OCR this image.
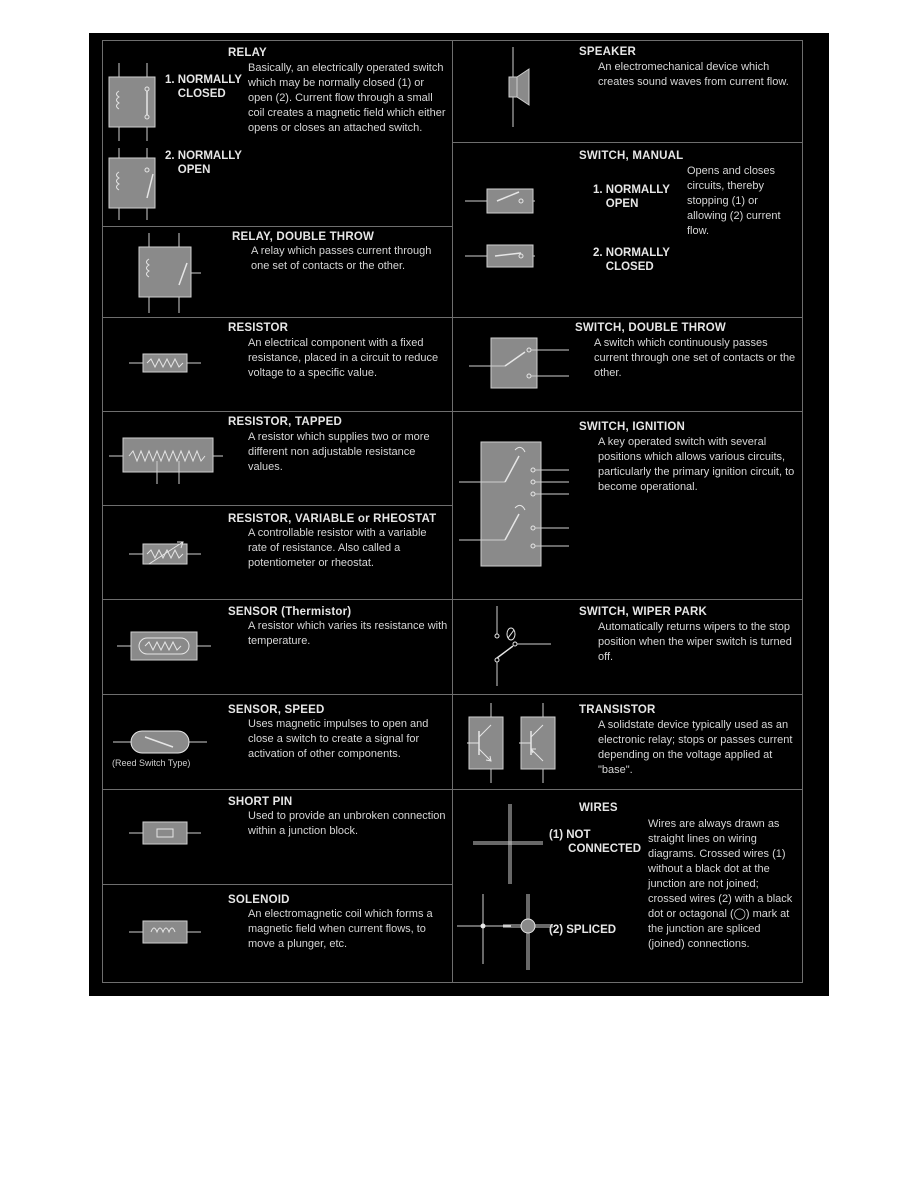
RELAY
Basically, an electrically operated switch which may be normally closed (1) or open (2). Current flow through a small coil creates a magnetic field which either opens or closes an attached switch.
1. NORMALLY
CLOSED
2. NORMALLY
OPEN
RELAY, DOUBLE THROW
A relay which passes current through one set of contacts or the other.
RESISTOR
An electrical component with a fixed resistance, placed in a circuit to reduce voltage to a specific value.
RESISTOR, TAPPED
A resistor which supplies two or more different non adjustable resistance values.
RESISTOR, VARIABLE or RHEOSTAT
A controllable resistor with a variable rate of resistance. Also called a potentiometer or rheostat.
SENSOR (Thermistor)
A resistor which varies its resistance with temperature.
SENSOR, SPEED
Uses magnetic impulses to open and close a switch to create a signal for activation of other components.
(Reed Switch Type)
SHORT PIN
Used to provide an unbroken connection within a junction block.
SOLENOID
An electromagnetic coil which forms a magnetic field when current flows, to move a plunger, etc.
SPEAKER
An electromechanical device which creates sound waves from current flow.
SWITCH, MANUAL
Opens and closes circuits, thereby stopping (1) or allowing (2) current flow.
1. NORMALLY
OPEN
2. NORMALLY
CLOSED
SWITCH, DOUBLE THROW
A switch which continuously passes current through one set of contacts or the other.
SWITCH, IGNITION
A key operated switch with several positions which allows various circuits, particularly the primary ignition circuit, to become operational.
SWITCH, WIPER PARK
Automatically returns wipers to the stop position when the wiper switch is turned off.
TRANSISTOR
A solidstate device typically used as an electronic relay; stops or passes current depending on the voltage applied at "base".
WIRES
(1) NOT
CONNECTED
(2) SPLICED
Wires are always drawn as straight lines on wiring diagrams. Crossed wires (1) without a black dot at the junction are not joined; crossed wires (2) with a black dot or octagonal (◯) mark at the junction are spliced (joined) connections.
